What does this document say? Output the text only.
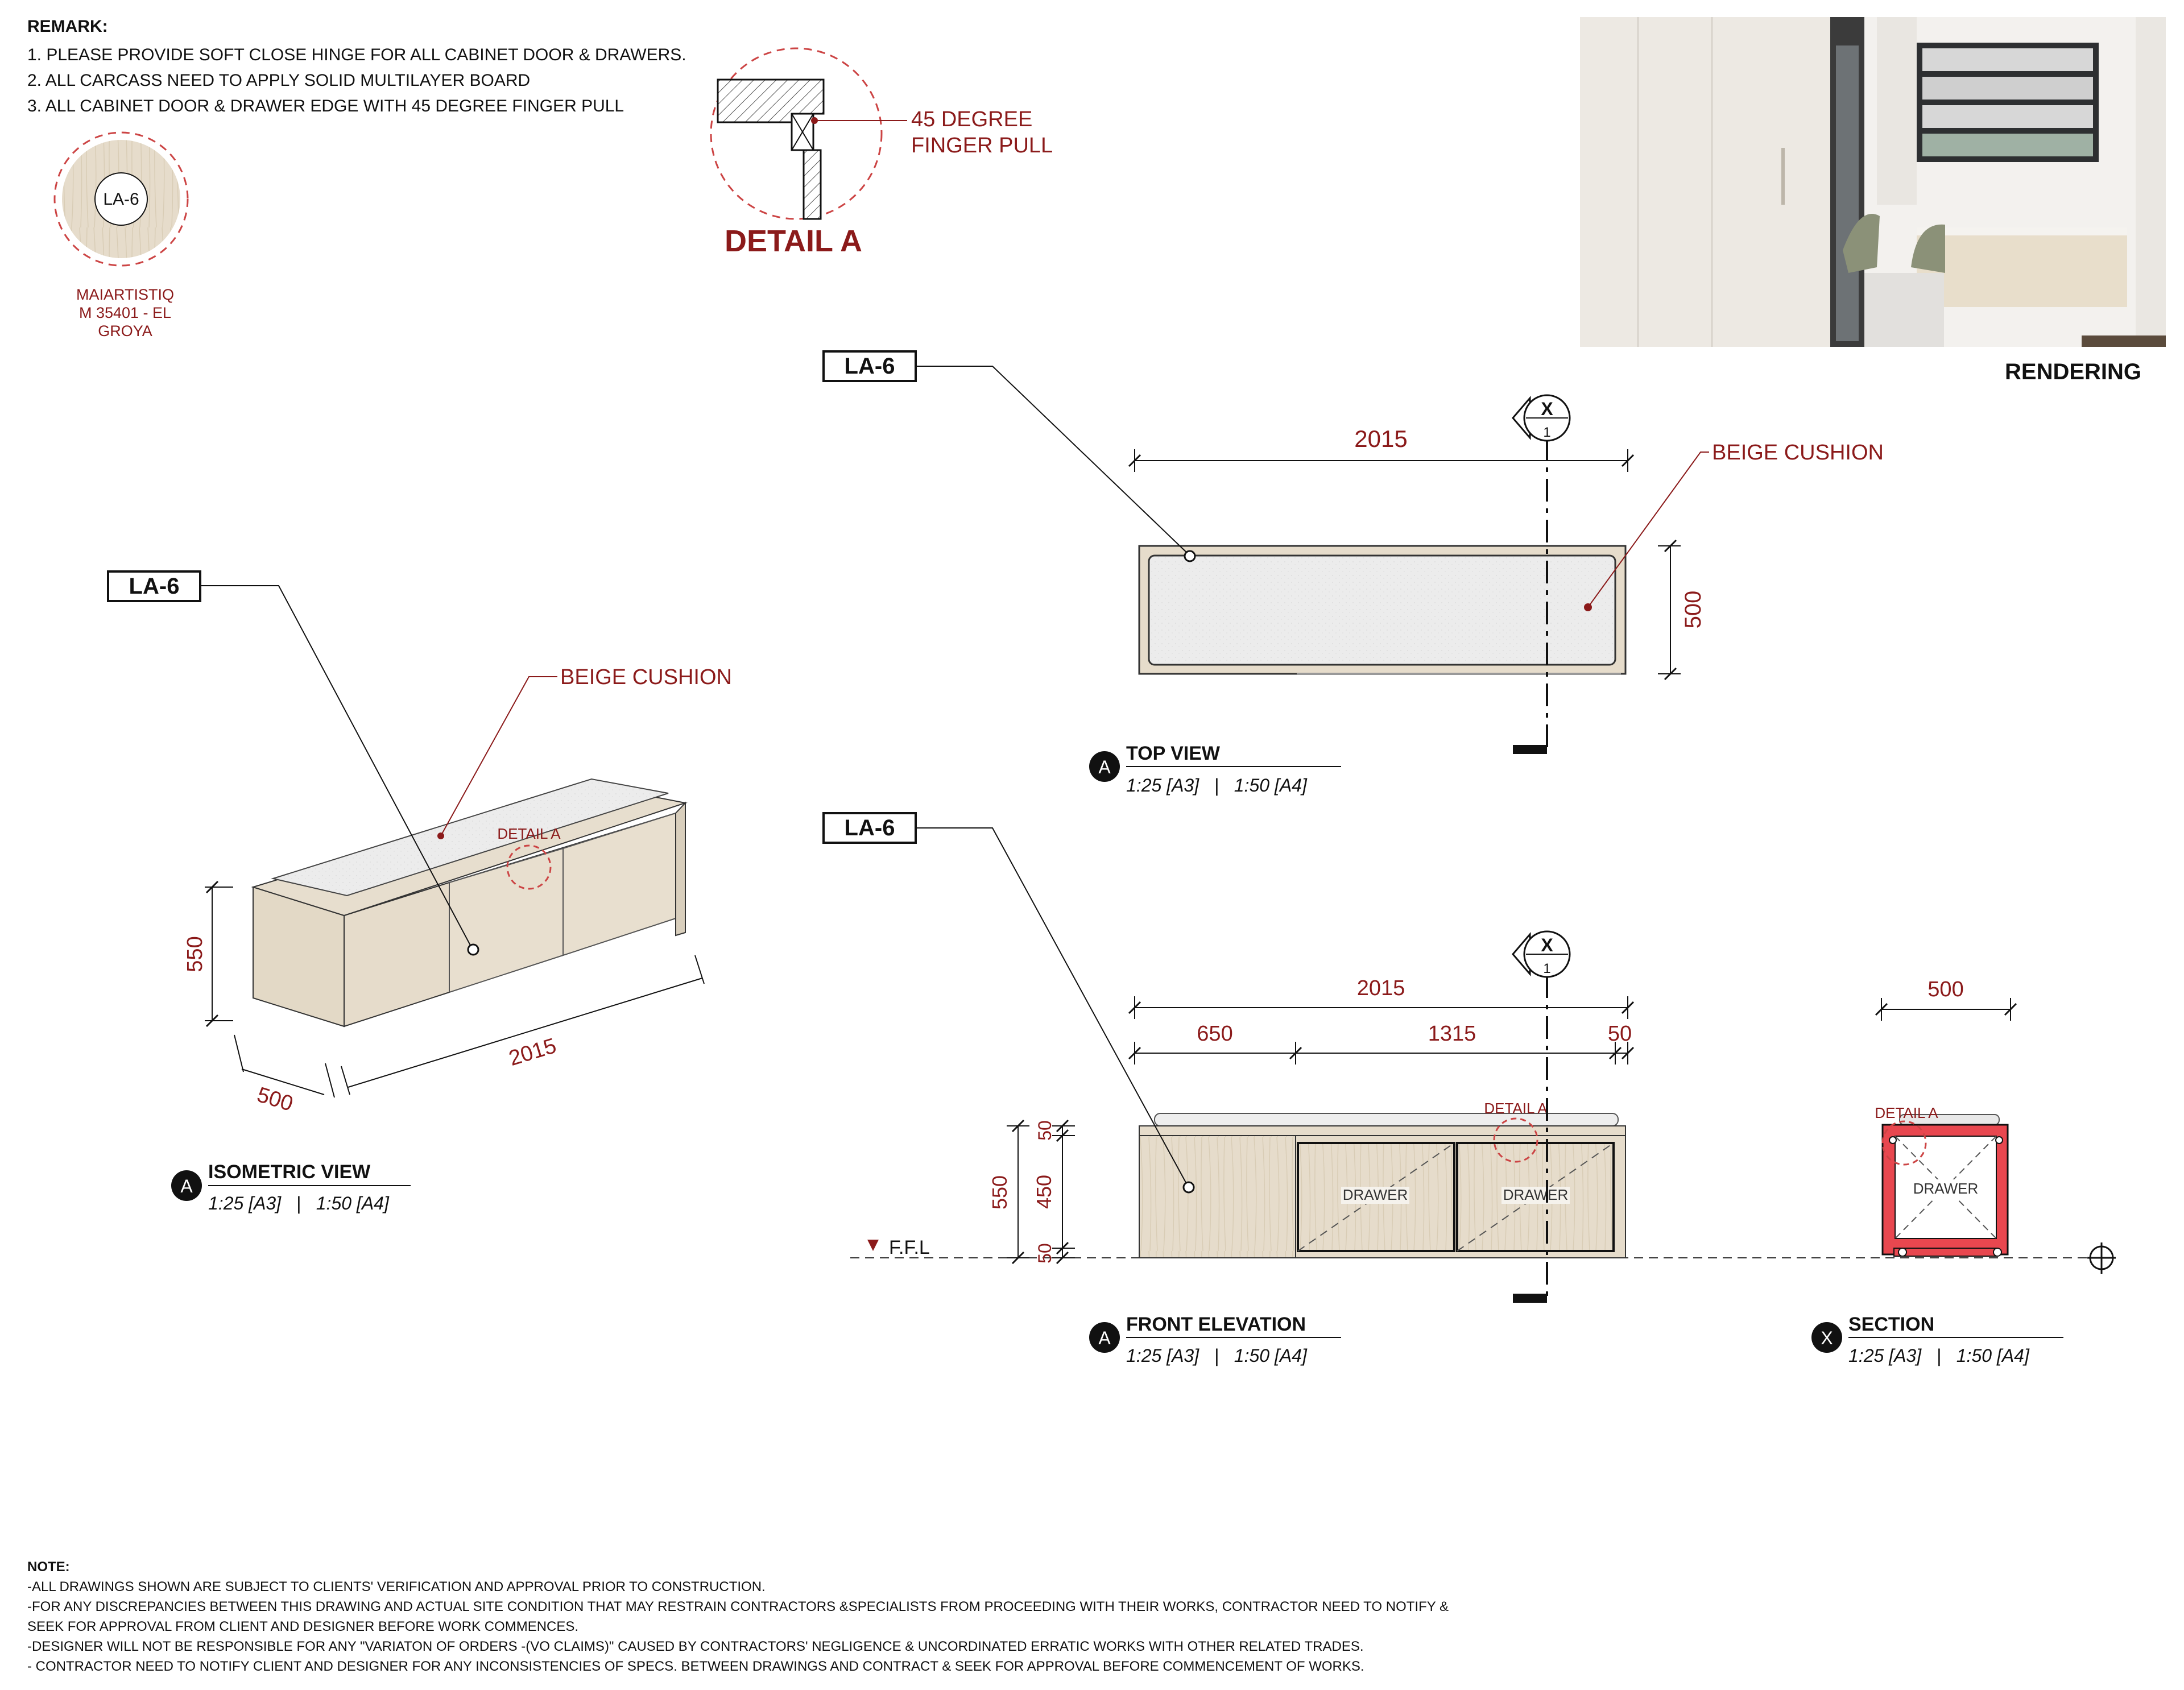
REMARK:
1. PLEASE PROVIDE SOFT CLOSE HINGE FOR ALL CABINET DOOR & DRAWERS.
2. ALL CARCASS NEED TO APPLY SOLID MULTILAYER BOARD
3. ALL CABINET DOOR & DRAWER EDGE WITH 45 DEGREE FINGER PULL
MAIARTISTIQ
M 35401 - EL
GROYA
RENDERING
LA-6
45 DEGREE
FINGER PULL
DETAIL A
DETAIL A
BEIGE CUSHION
LA-6
550
2015
500
A
ISOMETRIC VIEW
1:25 [A3]   |   1:50 [A4]
2015
500
X
1
BEIGE CUSHION
LA-6
A
TOP VIEW
1:25 [A3]   |   1:50 [A4]
DRAWER	DRAWER
F.F.L
DETAIL A
2015
650	1315	50
550
50
450
50
X
1
LA-6
A
FRONT ELEVATION
1:25 [A3]   |   1:50 [A4]
DRAWER
DETAIL A
500
X
SECTION
1:25 [A3]   |   1:50 [A4]
NOTE:
-ALL DRAWINGS SHOWN ARE SUBJECT TO CLIENTS' VERIFICATION AND APPROVAL PRIOR TO CONSTRUCTION.
-FOR ANY DISCREPANCIES BETWEEN THIS DRAWING AND ACTUAL SITE CONDITION THAT MAY RESTRAIN CONTRACTORS &SPECIALISTS FROM PROCEEDING WITH THEIR WORKS, CONTRACTOR NEED TO NOTIFY &
SEEK FOR APPROVAL FROM CLIENT AND DESIGNER BEFORE WORK COMMENCES.
-DESIGNER WILL NOT BE RESPONSIBLE FOR ANY "VARIATON OF ORDERS -(VO CLAIMS)" CAUSED BY CONTRACTORS' NEGLIGENCE & UNCORDINATED ERRATIC WORKS WITH OTHER RELATED TRADES.
- CONTRACTOR NEED TO NOTIFY CLIENT AND DESIGNER FOR ANY INCONSISTENCIES OF SPECS. BETWEEN DRAWINGS AND CONTRACT & SEEK FOR APPROVAL BEFORE COMMENCEMENT OF WORKS.
